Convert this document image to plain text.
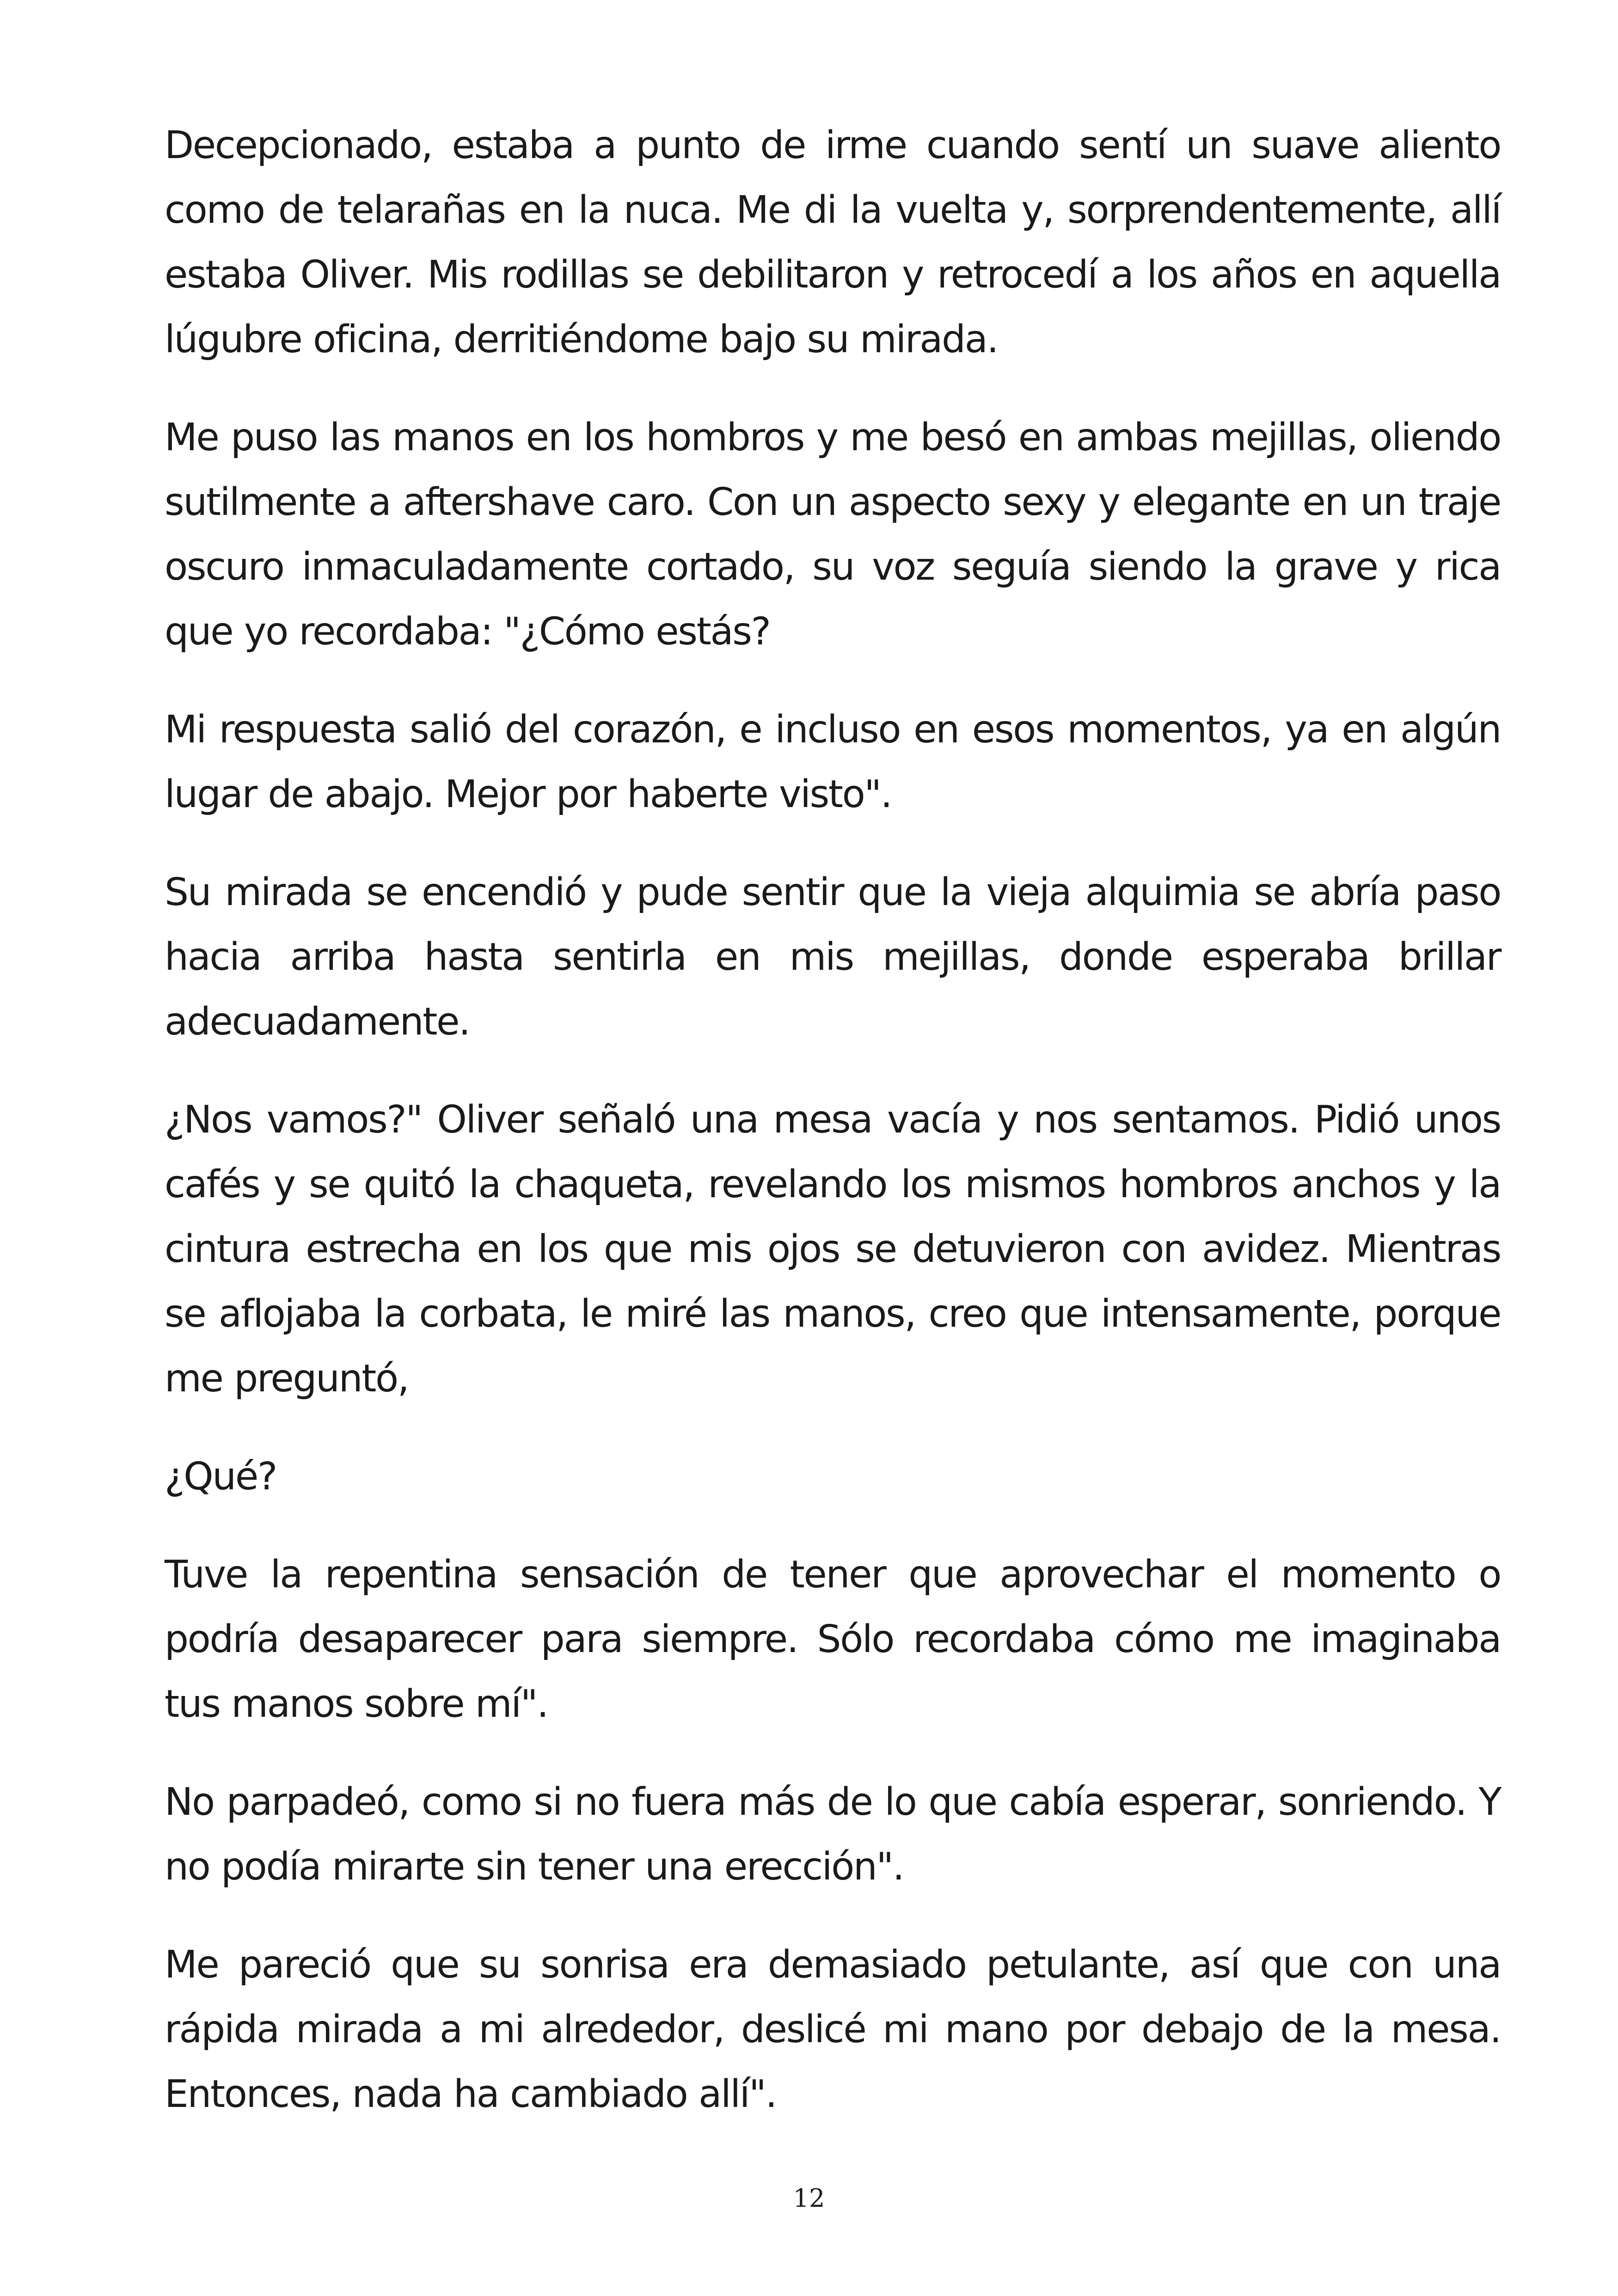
Decepcionado, estaba a punto de irme cuando sentí un suave aliento como de telarañas en la nuca. Me di la vuelta y, sorprendentemente, allí estaba Oliver. Mis rodillas se debilitaron y retrocedí a los años en aquella lúgubre oficina, derritiéndome bajo su mirada.

Me puso las manos en los hombros y me besó en ambas mejillas, oliendo sutilmente a aftershave caro. Con un aspecto sexy y elegante en un traje oscuro inmaculadamente cortado, su voz seguía siendo la grave y rica que yo recordaba: "¿Cómo estás?

Mi respuesta salió del corazón, e incluso en esos momentos, ya en algún lugar de abajo. Mejor por haberte visto".

Su mirada se encendió y pude sentir que la vieja alquimia se abría paso hacia arriba hasta sentirla en mis mejillas, donde esperaba brillar adecuadamente.

¿Nos vamos?" Oliver señaló una mesa vacía y nos sentamos. Pidió unos cafés y se quitó la chaqueta, revelando los mismos hombros anchos y la cintura estrecha en los que mis ojos se detuvieron con avidez. Mientras se aflojaba la corbata, le miré las manos, creo que intensamente, porque me preguntó,

¿Qué?

Tuve la repentina sensación de tener que aprovechar el momento o podría desaparecer para siempre. Sólo recordaba cómo me imaginaba tus manos sobre mí".

No parpadeó, como si no fuera más de lo que cabía esperar, sonriendo. Y no podía mirarte sin tener una erección".

Me pareció que su sonrisa era demasiado petulante, así que con una rápida mirada a mi alrededor, deslicé mi mano por debajo de la mesa. Entonces, nada ha cambiado allí".

12
